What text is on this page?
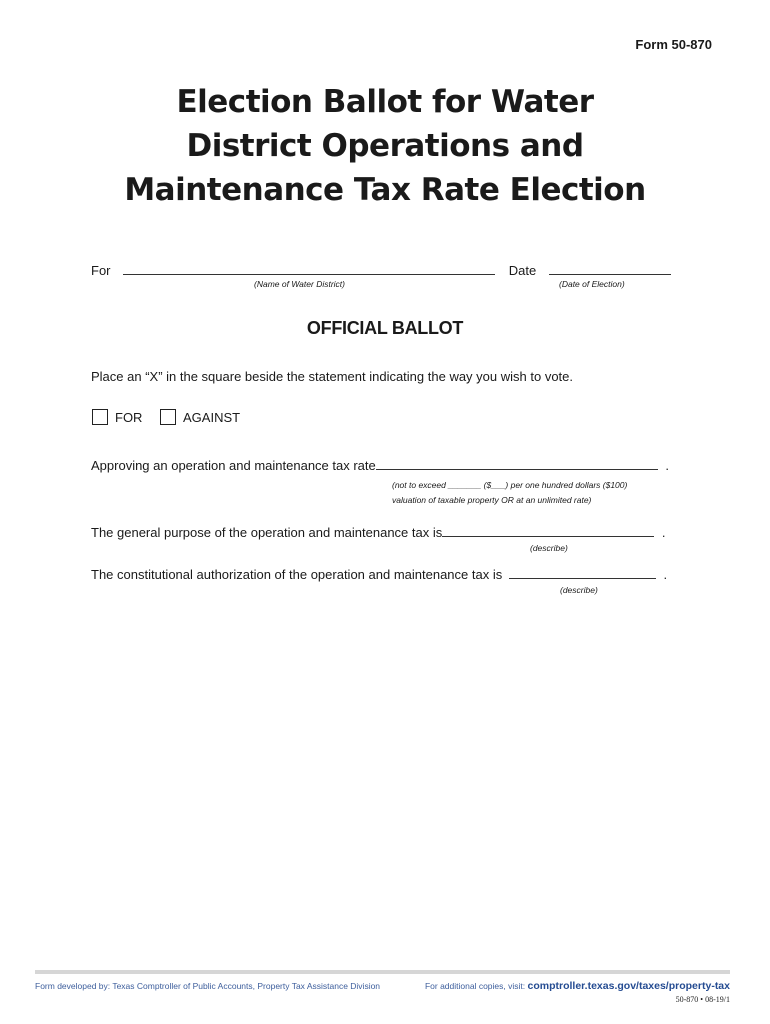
Form 50-870
Election Ballot for Water
District Operations and
Maintenance Tax Rate Election
For	Date
(Name of Water District)	(Date of Election)
OFFICIAL BALLOT
Place an “X” in the square beside the statement indicating the way you wish to vote.
FOR	AGAINST
Approving an operation and maintenance tax rate	.
(not to exceed _______ ($___) per one hundred dollars ($100)
valuation of taxable property OR at an unlimited rate)
The general purpose of the operation and maintenance tax is	.
(describe)
The constitutional authorization of the operation and maintenance tax is	.
(describe)
Form developed by: Texas Comptroller of Public Accounts, Property Tax Assistance Division	For additional copies, visit: comptroller.texas.gov/taxes/property-tax
50-870 • 08-19/1
